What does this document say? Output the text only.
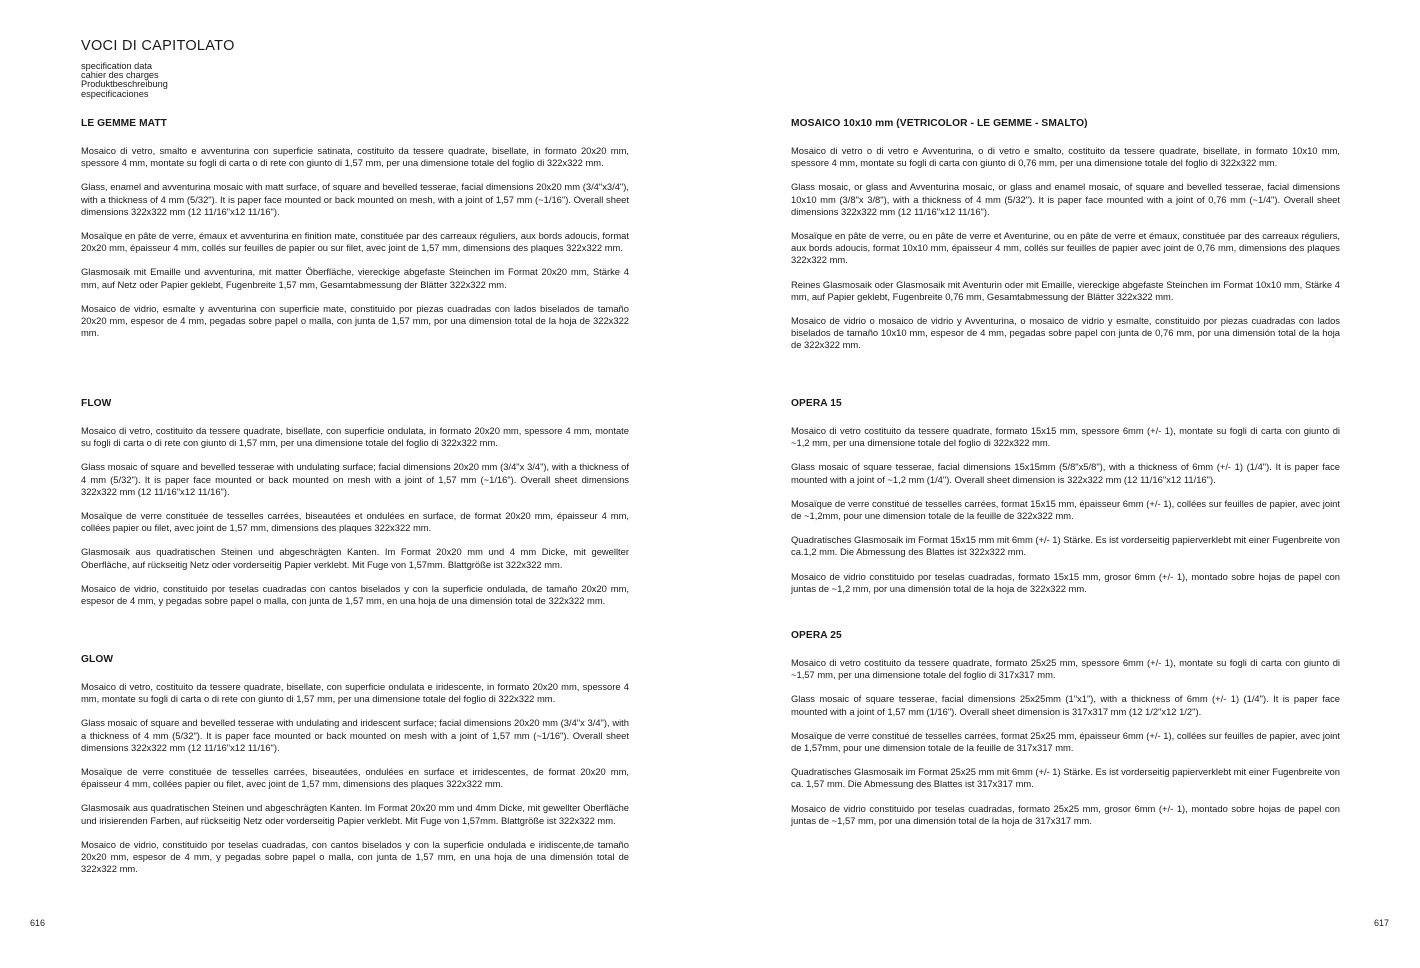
VOCI DI CAPITOLATO
specification data
cahier des charges
Produktbeschreibung
especificaciones
LE GEMME MATT

Mosaico di vetro, smalto e avventurina con superficie satinata, costituito da tessere quadrate, bisellate, in formato 20x20 mm, spessore 4 mm, montate su fogli di carta o di rete con giunto di 1,57 mm, per una dimensione totale del foglio di 322x322 mm.

Glass, enamel and avventurina mosaic with matt surface, of square and bevelled tesserae, facial dimensions 20x20 mm (3/4"x3/4"), with a thickness of 4 mm (5/32"). It is paper face mounted or back mounted on mesh, with a joint of 1,57 mm (~1/16"). Overall sheet dimensions 322x322 mm (12 11/16"x12 11/16").

Mosaïque en pâte de verre, émaux et avventurina en finition mate, constituée par des carreaux réguliers, aux bords adoucis, format 20x20 mm, épaisseur 4 mm, collés sur feuilles de papier ou sur filet, avec joint de 1,57 mm, dimensions des plaques 322x322 mm.

Glasmosaik mit Emaille und avventurina, mit matter Öberfläche, viereckige abgefaste Steinchen im Format 20x20 mm, Stärke 4 mm, auf Netz oder Papier geklebt, Fugenbreite 1,57 mm, Gesamtabmessung der Blätter 322x322 mm.

Mosaico de vidrio, esmalte y avventurina con superficie mate, constituido por piezas cuadradas con lados biselados de tamaño 20x20 mm, espesor de 4 mm, pegadas sobre papel o malla, con junta de 1,57 mm, por una dimension total de la hoja de 322x322 mm.

FLOW

Mosaico di vetro, costituito da tessere quadrate, bisellate, con superficie ondulata, in formato 20x20 mm, spessore 4 mm, montate su fogli di carta o di rete con giunto di 1,57 mm, per una dimensione totale del foglio di 322x322 mm.

Glass mosaic of square and bevelled tesserae with undulating surface; facial dimensions 20x20 mm (3/4"x 3/4"), with a thickness of 4 mm (5/32"). It is paper face mounted or back mounted on mesh with a joint of 1,57 mm (~1/16"). Overall sheet dimensions 322x322 mm (12 11/16"x12 11/16").

Mosaïque de verre constituée de tesselles carrées, biseautées et ondulées en surface, de format 20x20 mm, épaisseur 4 mm, collées papier ou filet, avec joint de 1,57 mm, dimensions des plaques 322x322 mm.

Glasmosaik aus quadratischen Steinen und abgeschrägten Kanten. Im Format 20x20 mm und 4 mm Dicke, mit gewellter Oberfläche, auf rückseitig Netz oder vorderseitig Papier verklebt. Mit Fuge von 1,57mm. Blattgröße ist 322x322 mm.

Mosaico de vidrio, constituido por teselas cuadradas con cantos biselados y con la superficie ondulada, de tamaño 20x20 mm, espesor de 4 mm, y pegadas sobre papel o malla, con junta de 1,57 mm, en una hoja de una dimensión total de 322x322 mm.

GLOW

Mosaico di vetro, costituito da tessere quadrate, bisellate, con superficie ondulata e iridescente, in formato 20x20 mm, spessore 4 mm, montate su fogli di carta o di rete con giunto di 1,57 mm, per una dimensione totale del foglio di 322x322 mm.

Glass mosaic of square and bevelled tesserae with undulating and iridescent surface; facial dimensions 20x20 mm (3/4"x 3/4"), with a thickness of 4 mm (5/32"). It is paper face mounted or back mounted on mesh with a joint of 1,57 mm (~1/16"). Overall sheet dimensions 322x322 mm (12 11/16"x12 11/16").

Mosaïque de verre constituée de tesselles carrées, biseautées, ondulées en surface et irridescentes, de format 20x20 mm, épaisseur 4 mm, collées papier ou filet, avec joint de 1,57 mm, dimensions des plaques 322x322 mm.

Glasmosaik aus quadratischen Steinen und abgeschrägten Kanten. Im Format 20x20 mm und 4mm Dicke, mit gewellter Oberfläche und irisierenden Farben, auf rückseitig Netz oder vorderseitig Papier verklebt. Mit Fuge von 1,57mm. Blattgröße ist 322x322 mm.

Mosaico de vidrio, constituido por teselas cuadradas, con cantos biselados y con la superficie ondulada e iridiscente,de tamaño 20x20 mm, espesor de 4 mm, y pegadas sobre papel o malla, con junta de 1,57 mm, en una hoja de una dimensión total de 322x322 mm.

616
MOSAICO 10x10 mm (VETRICOLOR - LE GEMME - SMALTO)

Mosaico di vetro o di vetro e Avventurina, o di vetro e smalto, costituito da tessere quadrate, bisellate, in formato 10x10 mm, spessore 4 mm, montate su fogli di carta con giunto di 0,76 mm, per una dimensione totale del foglio di 322x322 mm.

Glass mosaic, or glass and Avventurina mosaic, or glass and enamel mosaic, of square and bevelled tesserae, facial dimensions 10x10 mm (3/8"x 3/8"), with a thickness of 4 mm (5/32"). It is paper face mounted with a joint of 0,76 mm (~1/4"). Overall sheet dimensions 322x322 mm (12 11/16"x12 11/16").

Mosaïque en pâte de verre, ou en pâte de verre et Aventurine, ou en pâte de verre et émaux, constituée par des carreaux réguliers, aux bords adoucis, format 10x10 mm, épaisseur 4 mm, collés sur feuilles de papier avec joint de 0,76 mm, dimensions des plaques 322x322 mm.

Reines Glasmosaik oder Glasmosaik mit Aventurin oder mit Emaille, viereckige abgefaste Steinchen im Format 10x10 mm, Stärke 4 mm, auf Papier geklebt, Fugenbreite 0,76 mm, Gesamtabmessung der Blätter 322x322 mm.

Mosaico de vidrio o mosaico de vidrio y Avventurina, o mosaico de vidrio y esmalte, constituido por piezas cuadradas con lados biselados de tamaño 10x10 mm, espesor de 4 mm, pegadas sobre papel con junta de 0,76 mm, por una dimensión total de la hoja de 322x322 mm.

OPERA 15

Mosaico di vetro costituito da tessere quadrate, formato 15x15 mm, spessore 6mm (+/- 1), montate su fogli di carta con giunto di ~1,2 mm, per una dimensione totale del foglio di 322x322 mm.

Glass mosaic of square tesserae, facial dimensions 15x15mm (5/8"x5/8"), with a thickness of 6mm (+/- 1) (1/4"). It is paper face mounted with a joint of ~1,2 mm (1/4"). Overall sheet dimension is 322x322 mm (12 11/16"x12 11/16").

Mosaïque de verre constitué de tesselles carrées, format 15x15 mm, épaisseur 6mm (+/- 1), collées sur feuilles de papier, avec joint de ~1,2mm, pour une dimension totale de la feuille de 322x322 mm.

Quadratisches Glasmosaik im Format 15x15 mm mit 6mm (+/- 1) Stärke. Es ist vorderseitig papierverklebt mit einer Fugenbreite von ca.1,2 mm. Die Abmessung des Blattes ist 322x322 mm.

Mosaico de vidrio constituido por teselas cuadradas, formato 15x15 mm, grosor 6mm (+/- 1), montado sobre hojas de papel con juntas de ~1,2 mm, por una dimensión total de la hoja de 322x322 mm.

OPERA 25

Mosaico di vetro costituito da tessere quadrate, formato 25x25 mm, spessore 6mm (+/- 1), montate su fogli di carta con giunto di ~1,57 mm, per una dimensione totale del foglio di 317x317 mm.

Glass mosaic of square tesserae, facial dimensions 25x25mm (1"x1"), with a thickness of 6mm (+/- 1) (1/4"). It is paper face mounted with a joint of 1,57 mm (1/16"). Overall sheet dimension is 317x317 mm (12 1/2"x12 1/2").

Mosaïque de verre constitué de tesselles carrées, format 25x25 mm, épaisseur 6mm (+/- 1), collées sur feuilles de papier, avec joint de 1,57mm, pour une dimension totale de la feuille de 317x317 mm.

Quadratisches Glasmosaik im Format 25x25 mm mit 6mm (+/- 1) Stärke. Es ist vorderseitig papierverklebt mit einer Fugenbreite von ca. 1,57 mm. Die Abmessung des Blattes ist 317x317 mm.

Mosaico de vidrio constituido por teselas cuadradas, formato 25x25 mm, grosor 6mm (+/- 1), montado sobre hojas de papel con juntas de ~1,57 mm, por una dimensión total de la hoja de 317x317 mm.

617
